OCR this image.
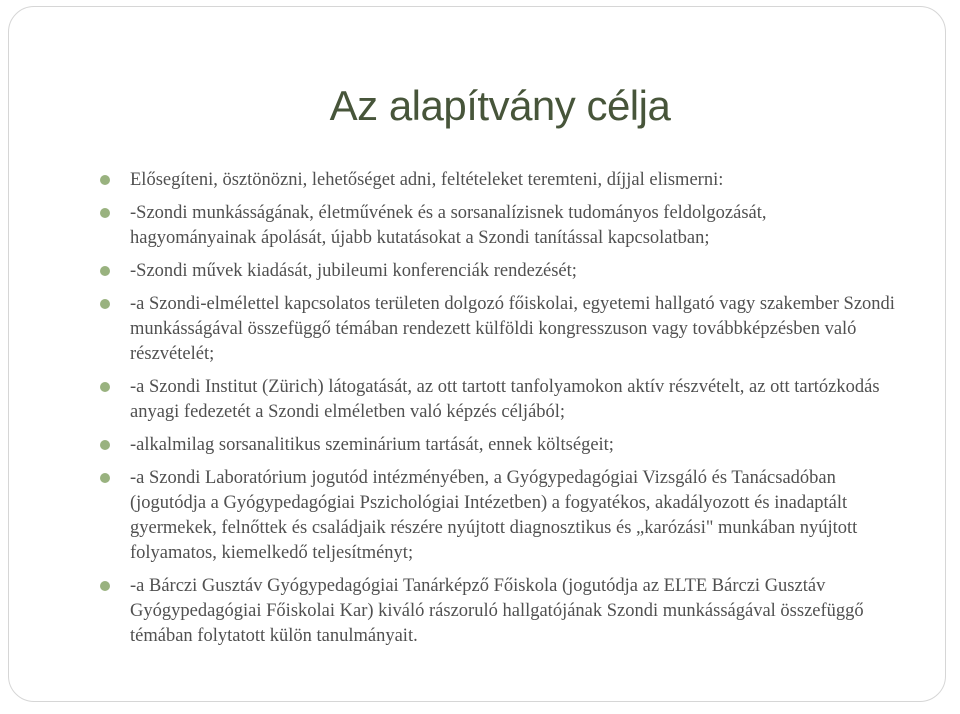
Az alapítvány célja
Elősegíteni, ösztönözni, lehetőséget adni, feltételeket teremteni, díjjal elismerni:
-Szondi munkásságának, életművének és a sorsanalízisnek tudományos feldolgozását, hagyományainak ápolását, újabb kutatásokat a Szondi tanítással kapcsolatban;
-Szondi művek kiadását, jubileumi konferenciák rendezését;
-a Szondi-elmélettel kapcsolatos területen dolgozó főiskolai, egyetemi hallgató vagy szakember Szondi munkásságával összefüggő témában rendezett külföldi kongresszuson vagy továbbképzésben való részvételét;
-a Szondi Institut (Zürich) látogatását, az ott tartott tanfolyamokon aktív részvételt, az ott tartózkodás anyagi fedezetét a Szondi elméletben való képzés céljából;
-alkalmilag sorsanalitikus szeminárium tartását, ennek költségeit;
-a Szondi Laboratórium jogutód intézményében, a Gyógypedagógiai Vizsgáló és Tanácsadóban (jogutódja a Gyógypedagógiai Pszichológiai Intézetben) a fogyatékos, akadályozott és inadaptált gyermekek, felnőttek és családjaik részére nyújtott diagnosztikus és „karózási" munkában nyújtott folyamatos, kiemelkedő teljesítményt;
-a Bárczi Gusztáv Gyógypedagógiai Tanárképző Főiskola (jogutódja az ELTE Bárczi Gusztáv Gyógypedagógiai Főiskolai Kar) kiváló rászoruló hallgatójának Szondi munkásságával összefüggő témában folytatott külön tanulmányait.
